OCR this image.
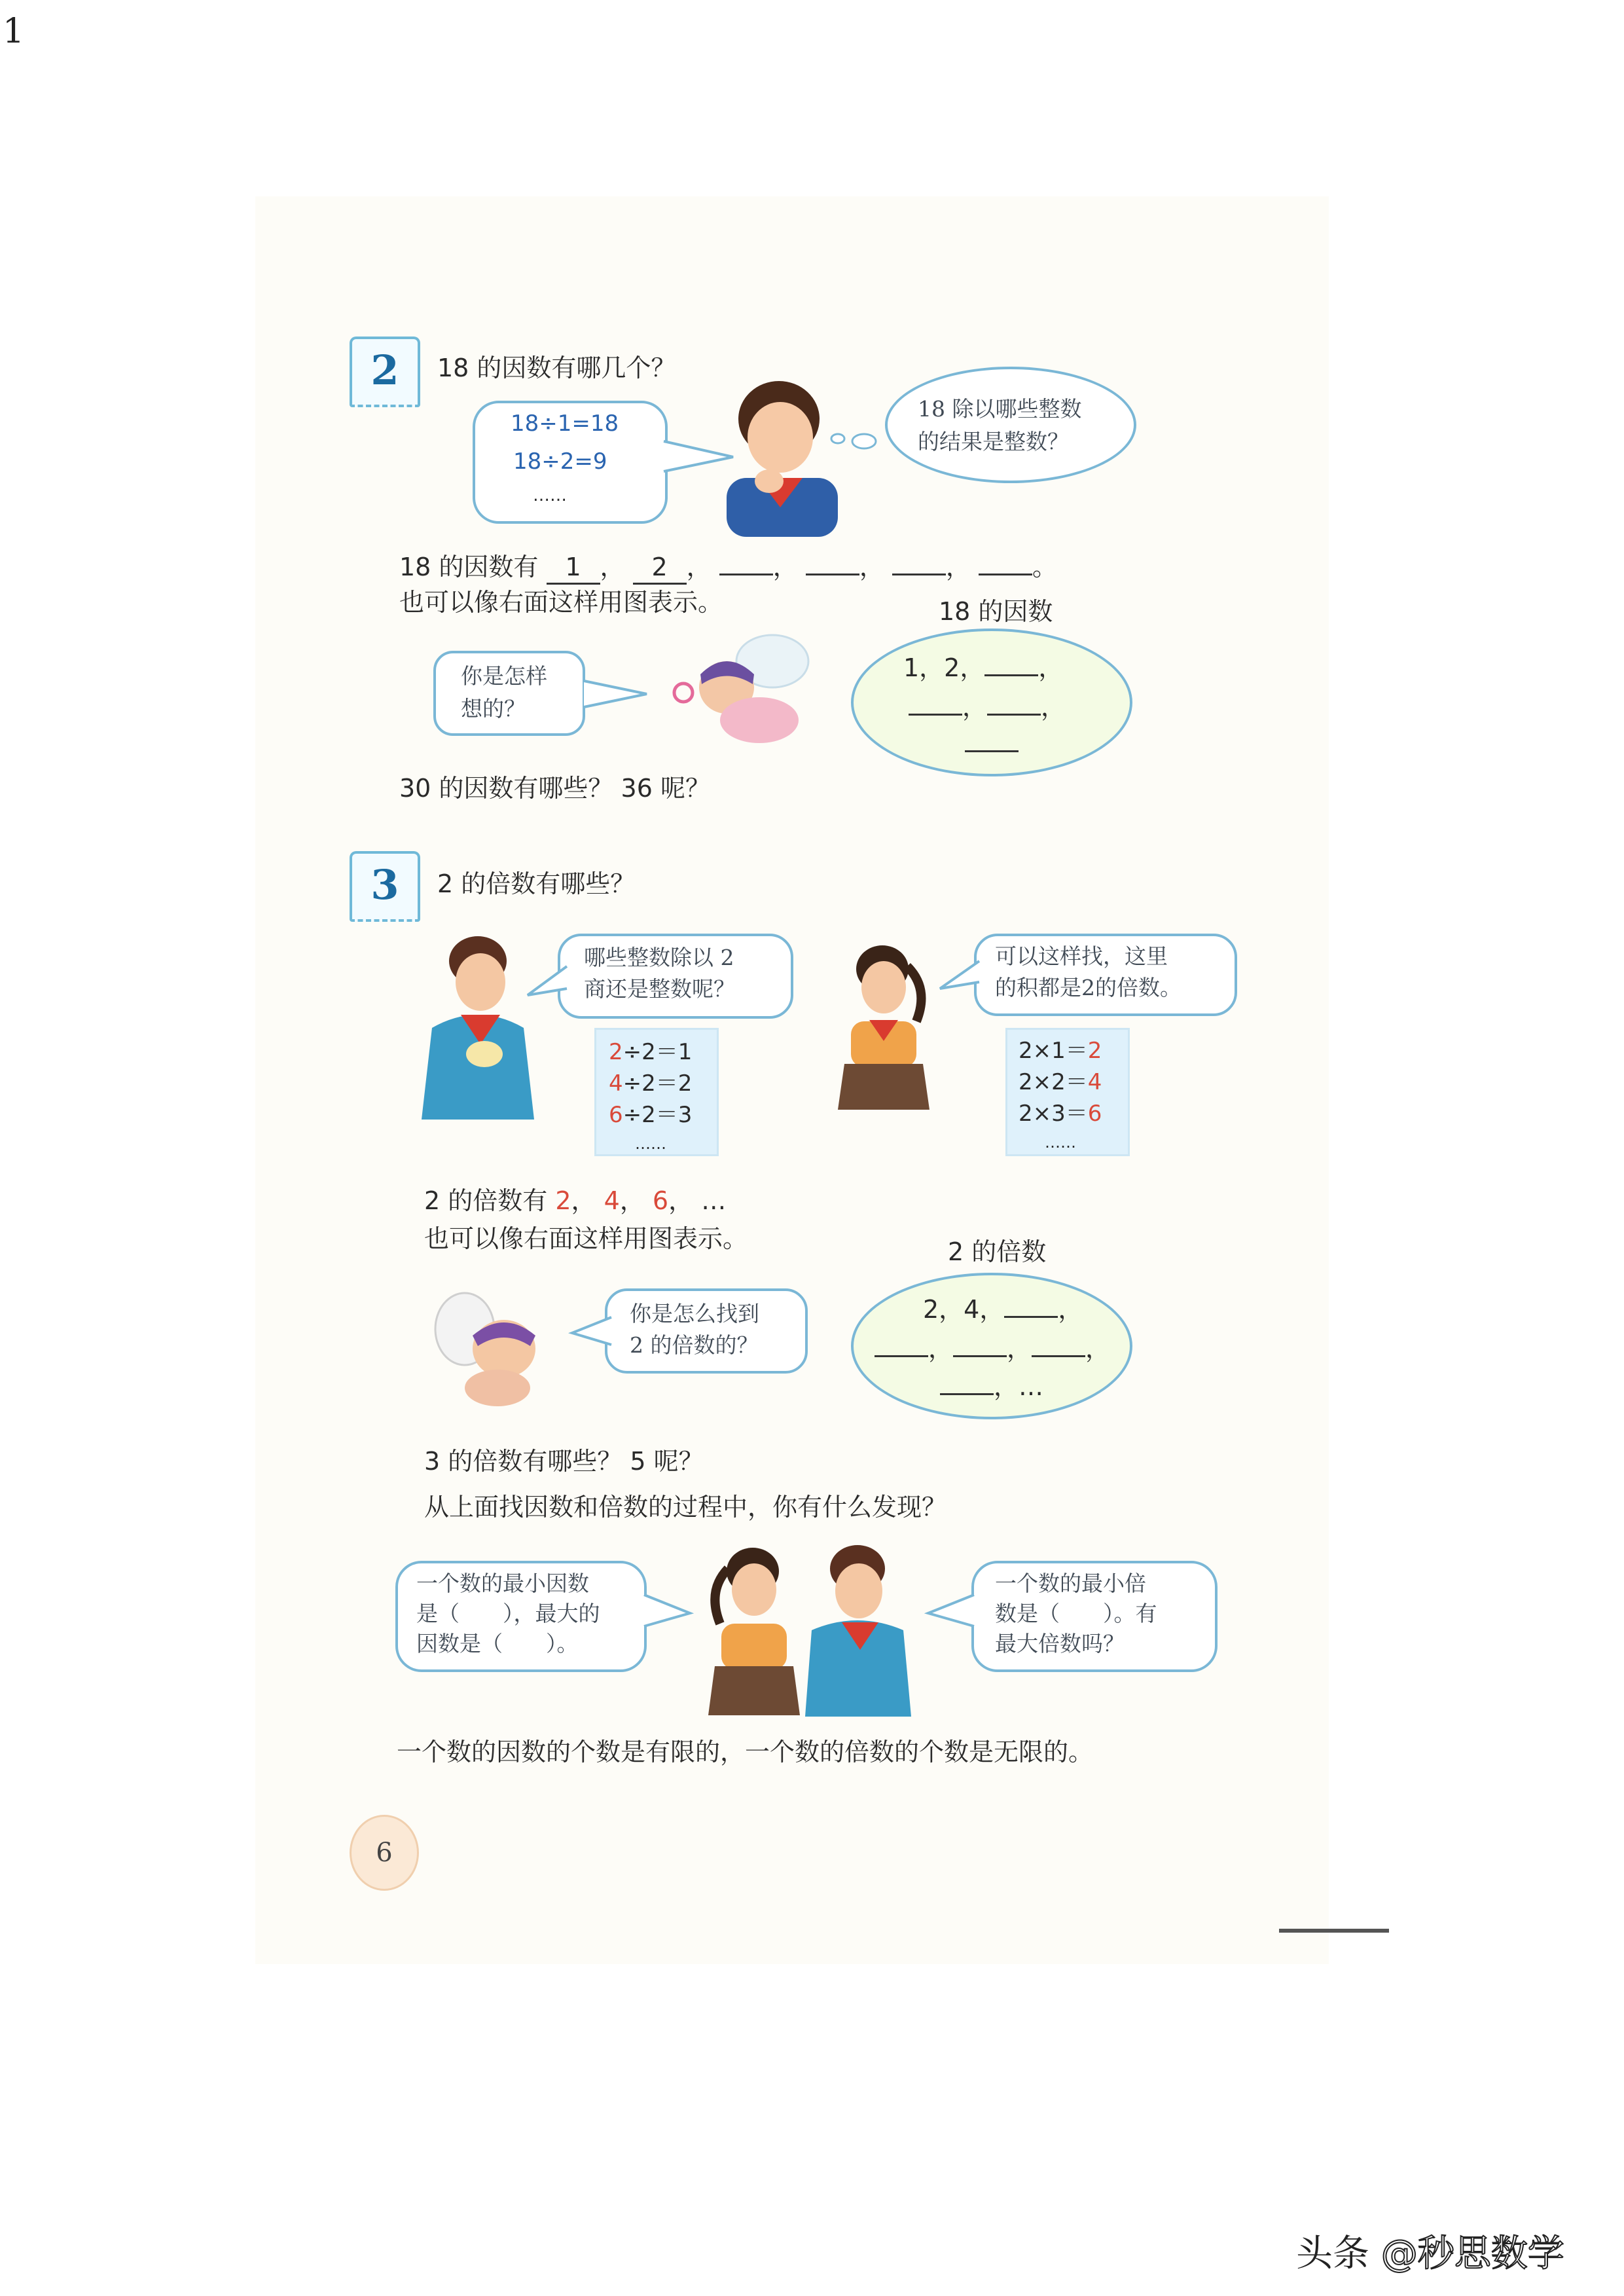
1
2	18 的因数有哪几个？
18÷1=18
18÷2=9
……
18 除以哪些整数
的结果是整数？
18 的因数有 1 ， 2 ， ， ， ， 。
也可以像右面这样用图表示。	18 的因数
你是怎样
想的？
1，2， ，
， ，
30 的因数有哪些？ 36 呢？
3	2 的倍数有哪些？
哪些整数除以 2
商还是整数呢？
2÷2＝1
4÷2＝2
6÷2＝3
……
可以这样找，这里
的积都是2的倍数。
2×1＝2
2×2＝4
2×3＝6
……
2 的倍数有 2， 4， 6， …
也可以像右面这样用图表示。	2 的倍数
你是怎么找到
2 的倍数的？
2，4， ，
， ， ，
，…
3 的倍数有哪些？ 5 呢？
从上面找因数和倍数的过程中，你有什么发现？
一个数的最小因数
是（　　），最大的
因数是（　　）。
一个数的最小倍
数是（　　）。有
最大倍数吗？
一个数的因数的个数是有限的，一个数的倍数的个数是无限的。
6
头条 @秒思数学
